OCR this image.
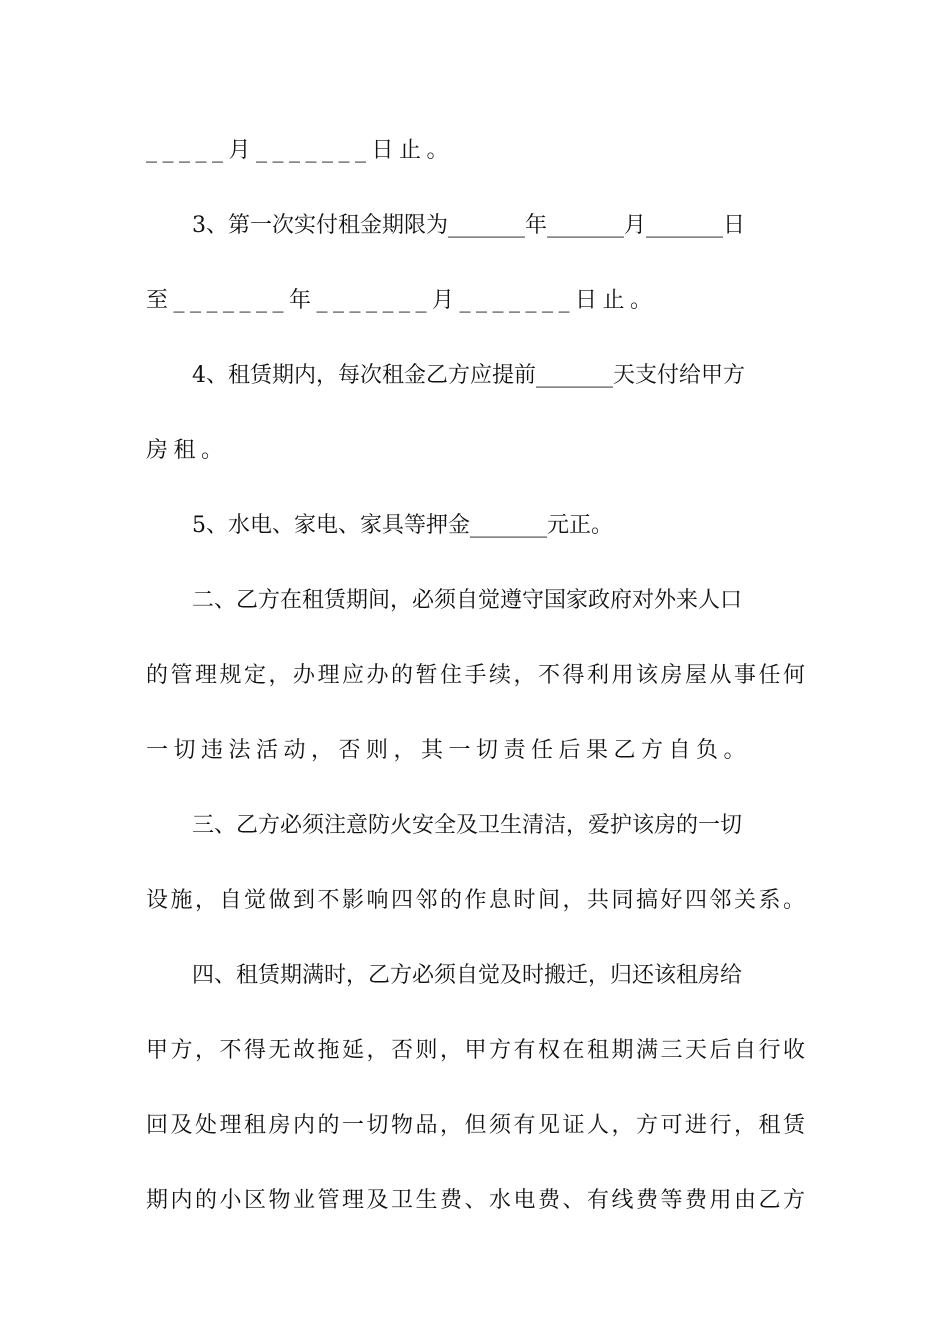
_____月_______日止。
3、第一次实付租金期限为_______年_______月_______日
至_______年_______月_______日止。
4、租赁期内，每次租金乙方应提前_______天支付给甲方
房租。
5、水电、家电、家具等押金_______元正。
二、乙方在租赁期间，必须自觉遵守国家政府对外来人口
的管理规定，办理应办的暂住手续，不得利用该房屋从事任何
一切违法活动，否则，其一切责任后果乙方自负。
三、乙方必须注意防火安全及卫生清洁，爱护该房的一切
设施，自觉做到不影响四邻的作息时间，共同搞好四邻关系。
四、租赁期满时，乙方必须自觉及时搬迁，归还该租房给
甲方，不得无故拖延，否则，甲方有权在租期满三天后自行收
回及处理租房内的一切物品，但须有见证人，方可进行，租赁
期内的小区物业管理及卫生费、水电费、有线费等费用由乙方
